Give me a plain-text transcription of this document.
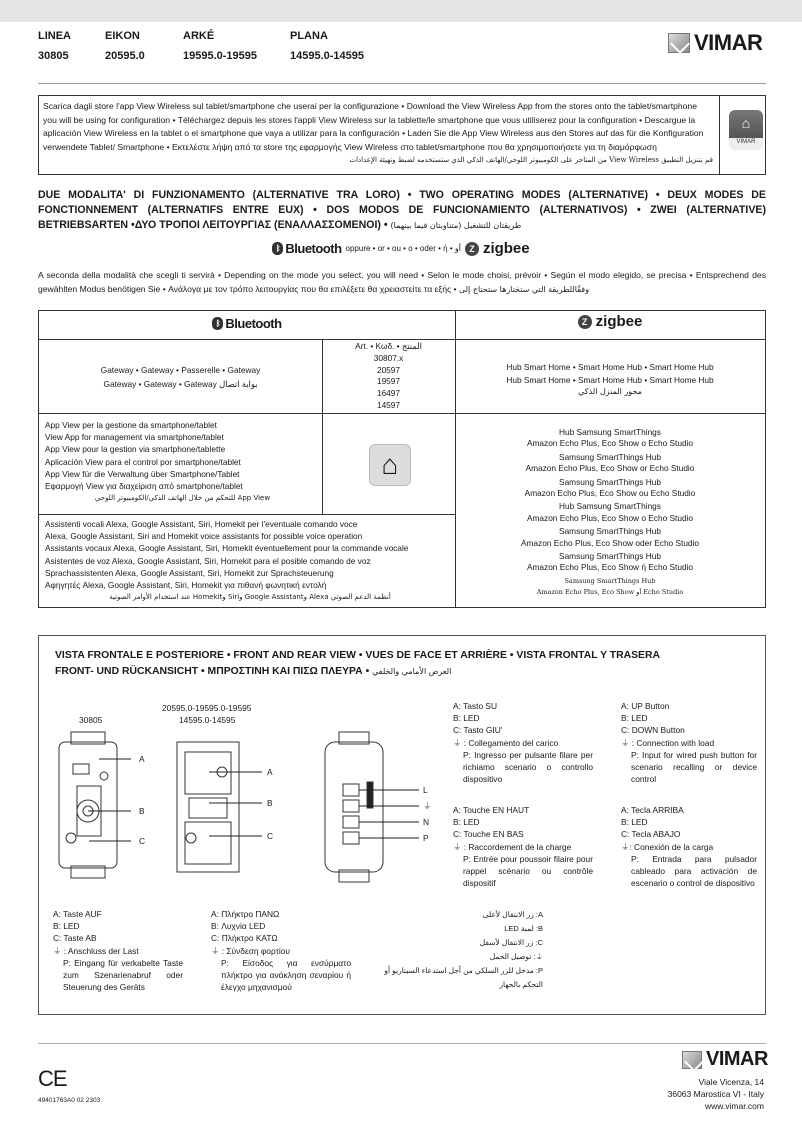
LINEA
30805
EIKON
20595.0
ARKÉ
19595.0-19595
PLANA
14595.0-14595
VIMAR
Scarica dagli store l'app View Wireless sul tablet/smartphone che userai per la configurazione • Download the View Wireless App from the stores onto the tablet/smartphone you will be using for configuration • Téléchargez depuis les stores l'appli View Wireless sur la tablette/le smartphone que vous utiliserez pour la configuration • Descargue la aplicación View Wireless en la tablet o el smartphone que vaya a utilizar para la configuración • Laden Sie die App View Wireless aus den Stores auf das für die Konfiguration verwendete Tablet/ Smartphone • Εκτελέστε λήψη από τα store της εφαρμογής View Wireless στο tablet/smartphone που θα χρησιμοποιήσετε για τη διαμόρφωση
قم بتنزيل التطبيق View Wireless من المتاجر على الكومبيوتر اللوحي/الهاتف الذكي الذي ستستخدمه لضبط وتهيئة الإعدادات
⌂
VIMAR
DUE MODALITA' DI FUNZIONAMENTO (ALTERNATIVE TRA LORO) • TWO OPERATING MODES (ALTERNATIVE) • DEUX MODES DE FONCTIONNEMENT (ALTERNATIFS ENTRE EUX) • DOS MODOS DE FUNCIONAMIENTO (ALTERNATIVOS) • ZWEI (ALTERNATIVE) BETRIEBSARTEN •ΔΥΟ ΤΡΟΠΟΙ ΛΕΙΤΟΥΡΓΙΑΣ (ΕΝΑΛΛΑΣΣΟΜΕΝΟΙ) • طريقتان للتشغيل (متناوبتان فيما بينهما)
ᛒ Bluetooth oppure • or • ou • o • oder • ή • أو Z zigbee
A seconda della modalità che scegli ti servirà • Depending on the mode you select, you will need • Selon le mode choisi, prévoir • Según el modo elegido, se precisa • Entsprechend des gewählten Modus benötigen Sie • Ανάλογα με τον τρόπο λειτουργίας που θα επιλέξετε θα χρειαστείτε τα εξής • وفقًاللطريقة التي ستختارها ستحتاج إلى
ᛒ Bluetooth	Z zigbee
Gateway • Gateway • Passerelle • Gateway
Gateway • Gateway • Gateway بوابة اتصال
Art. • Κωδ. • المنتج
30807.x
20597
19597
16497
14597
Hub Smart Home • Smart Home Hub • Smart Home Hub
Hub Smart Home • Smart Home Hub • Smart Home Hub
محور المنزل الذكي
App View per la gestione da smartphone/tablet
View App for management via smartphone/tablet
App View pour la gestion via smartphone/tablette
Aplicación View para el control por smartphone/tablet
App View für die Verwaltung über Smartphone/Tablet
Εφαρμογή View για διαχείριση από smartphone/tablet
App View للتحكم من خلال الهاتف الذكي/الكومبيوتر اللوحي
⌂
Assistenti vocali Alexa, Google Assistant, Siri, Homekit per l'eventuale comando voce
Alexa, Google Assistant, Siri and Homekit voice assistants for possible voice operation
Assistants vocaux Alexa, Google Assistant, Siri, Homekit éventuellement pour la commande vocale
Asistentes de voz Alexa, Google Assistant, Siri, Homekit para el posible comando de voz
Sprachassistenten Alexa, Google Assistant, Siri, Homekit zur Sprachsteuerung
Αφηγητές Alexa, Google Assistant, Siri, Homekit για πιθανή φωνητική εντολή
أنظمة الدعم الصوتي Alexa وGoogle Assistant وSiri وHomekit عند استخدام الأوامر الصوتية
Hub Samsung SmartThings
Amazon Echo Plus, Eco Show o Echo Studio
Samsung SmartThings Hub
Amazon Echo Plus, Eco Show or Echo Studio
Samsung SmartThings Hub
Amazon Echo Plus, Eco Show ou Echo Studio
Hub Samsung SmartThings
Amazon Echo Plus, Eco Show o Echo Studio
Samsung SmartThings Hub
Amazon Echo Plus, Eco Show oder Echo Studio
Samsung SmartThings Hub
Amazon Echo Plus, Eco Show ή Echo Studio
Samsung SmartThings Hub
Amazon Echo Plus, Eco Show أو Echo Studio
VISTA FRONTALE E POSTERIORE • FRONT AND REAR VIEW • VUES DE FACE ET ARRIÈRE • VISTA FRONTAL Y TRASERA
FRONT- UND RÜCKANSICHT • ΜΠΡΟΣΤΙΝΗ ΚΑΙ ΠΙΣΩ ΠΛΕΥΡΑ • العرض الأمامي والخلفي
30805
20595.0-19595.0-19595
14595.0-14595
A
B
C
A
B
C
L
⏚
N
P
A: Tasto SU
B: LED
C: Tasto GIU'
⏚ : Collegamento del carico
P: Ingresso per pulsante filare per richiamo scenario o controllo dispositivo
A: UP Button
B: LED
C: DOWN Button
⏚ : Connection with load
P: Input for wired push button for scenario recalling or device control
A: Touche EN HAUT
B: LED
C: Touche EN BAS
⏚ : Raccordement de la charge
P: Entrée pour poussoir filaire pour rappel scénario ou contrôle dispositif
A: Tecla ARRIBA
B: LED
C: Tecla ABAJO
⏚: Conexión de la carga
P: Entrada para pulsador cableado para activación de escenario o control de dispositivo
A: Taste AUF
B: LED
C: Taste AB
⏚ : Anschluss der Last
P: Eingang für verkabelte Taste zum Szenarienabruf oder Steuerung des Geräts
A: Πλήκτρο ΠΑΝΩ
B: Λυχνία LED
C: Πλήκτρο ΚΑΤΩ
⏚ : Σύνδεση φορτίου
P: Είσοδος για ενσύρματο πλήκτρο για ανάκληση σεναρίου ή έλεγχο μηχανισμού
A: زر الانتقال لأعلى
B: لمبة LED
C: زر الانتقال لأسفل
⏚: توصيل الحمل
P: مدخل للزر السلكي من أجل استدعاء السيناريو أو التحكم بالجهاز
CE
49401763A0 02 2303
VIMAR
Viale Vicenza, 14
36063 Marostica VI - Italy
www.vimar.com
